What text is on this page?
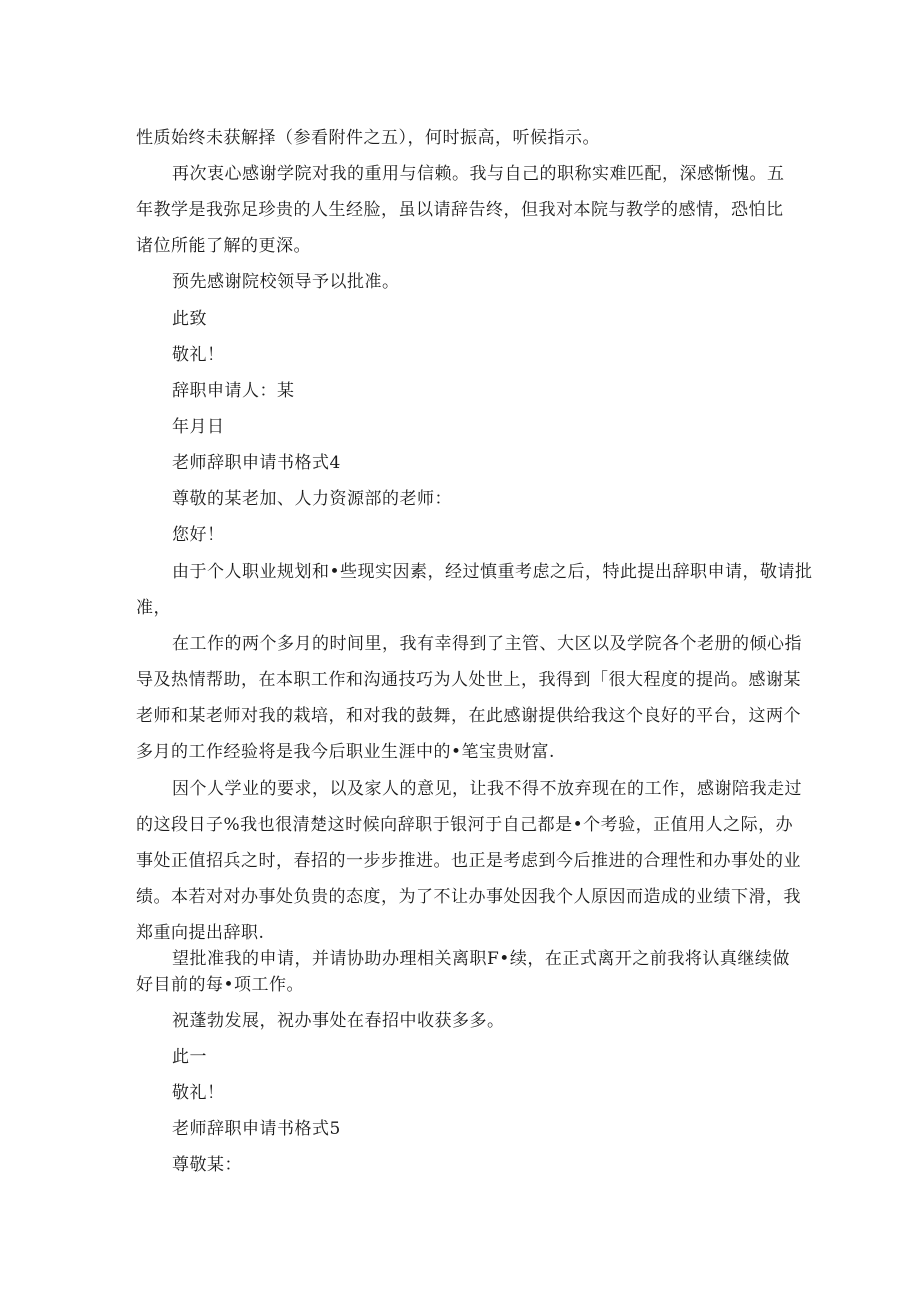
性质始终未获解择（参看附件之五），何时振高，听候指示。
再次衷心感谢学院对我的重用与信赖。我与自己的职称实难匹配，深感惭愧。五
年教学是我弥足珍贵的人生经脸，虽以请辞告终，但我对本院与教学的感情，恐怕比
诸位所能了解的更深。
预先感谢院校领导予以批准。
此致
敬礼！
辞职申请人：某
年月日
老师辞职申请书格式4
尊敬的某老加、人力资源部的老师：
您好！
由于个人职业规划和•些现实因素，经过慎重考虑之后，特此提出辞职申请，敬请批
准，
在工作的两个多月的时间里，我有幸得到了主管、大区以及学院各个老册的倾心指
导及热情帮助，在本职工作和沟通技巧为人处世上，我得到「很大程度的提尚。感谢某
老师和某老师对我的栽培，和对我的鼓舞，在此感谢提供给我这个良好的平台，这两个
多月的工作经验将是我今后职业生涯中的•笔宝贵财富.
因个人学业的要求，以及家人的意见，让我不得不放弃现在的工作，感谢陪我走过
的这段日子%我也很清楚这时候向辞职于银河于自己都是•个考验，正值用人之际，办
事处正值招兵之时，春招的一步步推进。也正是考虑到今后推进的合理性和办事处的业
绩。本若对对办事处负贵的态度，为了不让办事处因我个人原因而造成的业绩下滑，我
郑重向提出辞职.
望批准我的申请，并请协助办理相关离职F•续，在正式离开之前我将认真继续做
好目前的每•项工作。
祝蓬勃发展，祝办事处在春招中收获多多。
此一
敬礼！
老师辞职申请书格式5
尊敬某：
